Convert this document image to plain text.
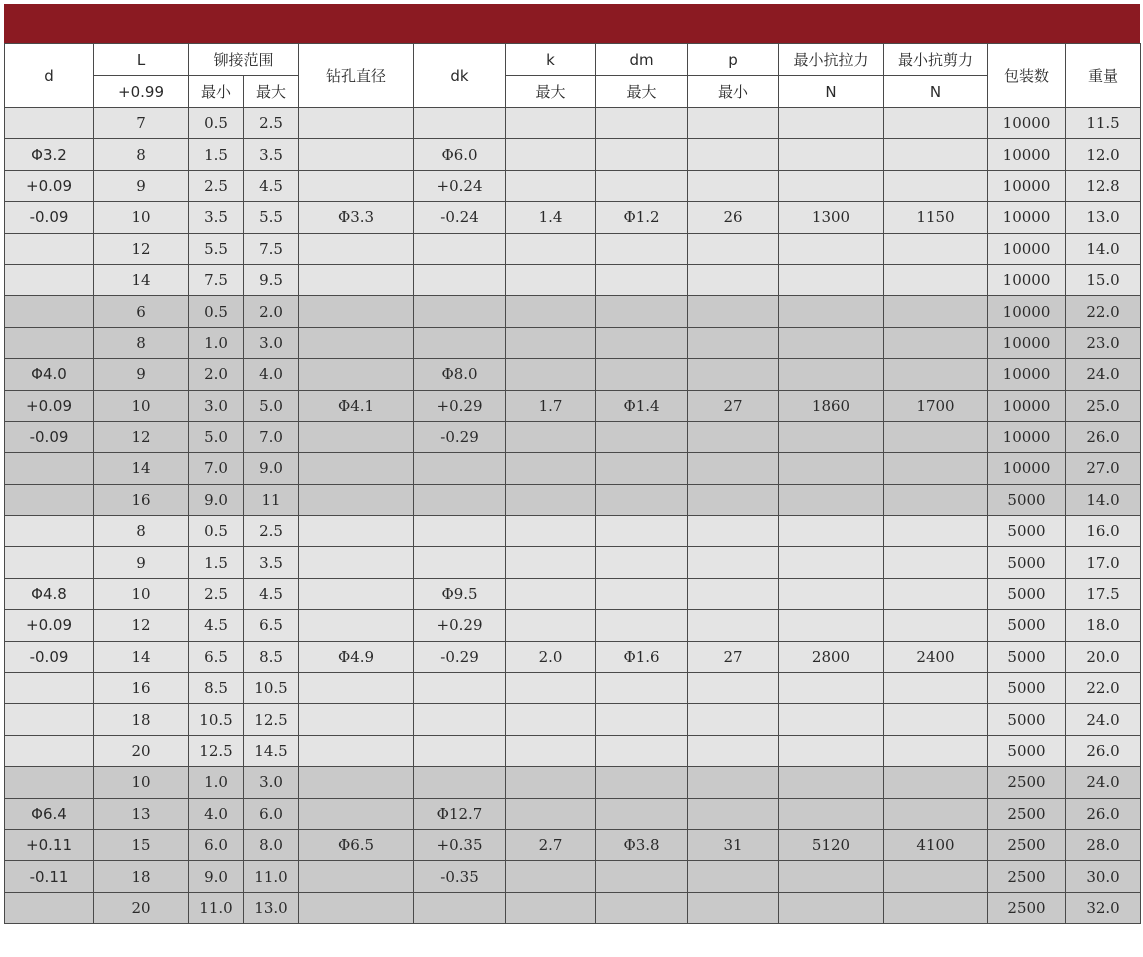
d	L	铆接范围		钻孔直径	dk	k	dm	p	最小抗拉力	最小抗剪力	包装数	重量
	+0.99	最小	最大			最大	最大	最小	N	N		
	7	0.5	2.5								10000	11.5
Φ3.2	8	1.5	3.5		Φ6.0						10000	12.0
+0.09	9	2.5	4.5		+0.24						10000	12.8
-0.09	10	3.5	5.5	Φ3.3	-0.24	1.4	Φ1.2	26	1300	1150	10000	13.0
	12	5.5	7.5								10000	14.0
	14	7.5	9.5								10000	15.0
	6	0.5	2.0								10000	22.0
	8	1.0	3.0								10000	23.0
Φ4.0	9	2.0	4.0		Φ8.0						10000	24.0
+0.09	10	3.0	5.0	Φ4.1	+0.29	1.7	Φ1.4	27	1860	1700	10000	25.0
-0.09	12	5.0	7.0		-0.29						10000	26.0
	14	7.0	9.0								10000	27.0
	16	9.0	11								5000	14.0
	8	0.5	2.5								5000	16.0
	9	1.5	3.5								5000	17.0
Φ4.8	10	2.5	4.5		Φ9.5						5000	17.5
+0.09	12	4.5	6.5		+0.29						5000	18.0
-0.09	14	6.5	8.5	Φ4.9	-0.29	2.0	Φ1.6	27	2800	2400	5000	20.0
	16	8.5	10.5								5000	22.0
	18	10.5	12.5								5000	24.0
	20	12.5	14.5								5000	26.0
	10	1.0	3.0								2500	24.0
Φ6.4	13	4.0	6.0		Φ12.7						2500	26.0
+0.11	15	6.0	8.0	Φ6.5	+0.35	2.7	Φ3.8	31	5120	4100	2500	28.0
-0.11	18	9.0	11.0		-0.35						2500	30.0
	20	11.0	13.0								2500	32.0
